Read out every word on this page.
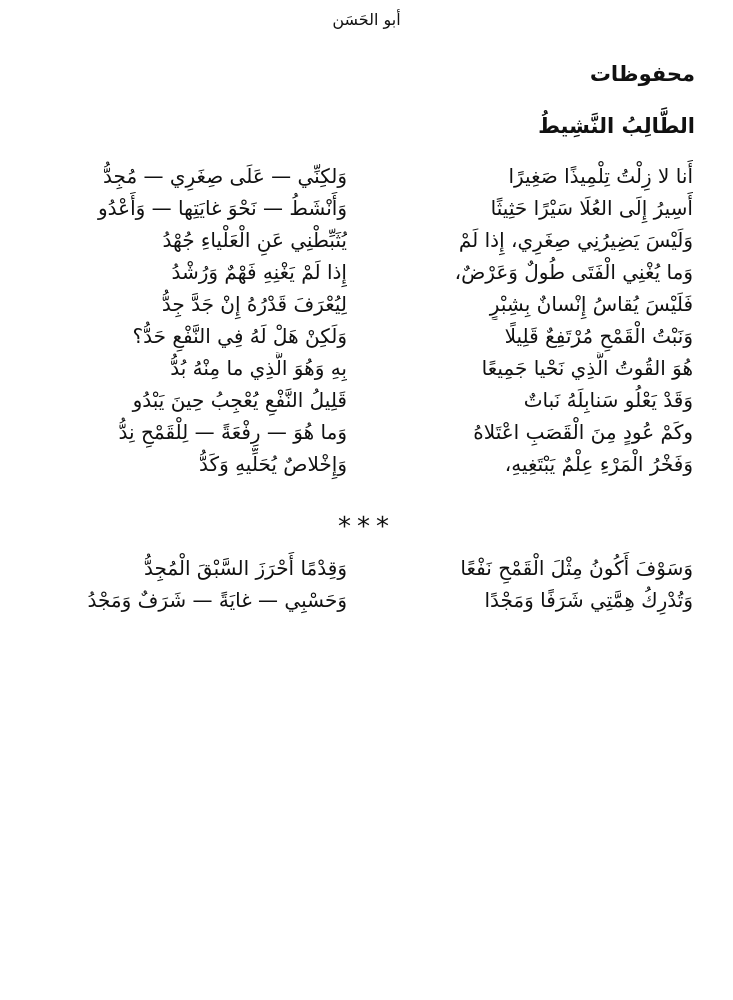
أبو الحَسَن
محفوظات
الطَّالِبُ النَّشِيطُ
أَنا لا زِلْتُ تِلْمِيذًا صَغِيرًا
وَلكِنِّي — عَلَى صِغَرِي — مُجِدُّ
أَسِيرُ إِلَى العُلَا سَيْرًا حَثِيثًا
وَأَنْشَطُ — نَحْوَ غايَتِها — وَأَعْدُو
وَلَيْسَ يَضِيرُنِي صِغَرِي، إِذا لَمْ
يُثَبِّطْنِي عَنِ الْعَلْياءِ جُهْدُ
وَما يُغْنِي الْفَتَى طُولٌ وَعَرْضٌ،
إِذا لَمْ يَغْنِهِ فَهْمٌ وَرُشْدُ
فَلَيْسَ يُقاسُ إِنْسانٌ بِشِبْرٍ
لِيُعْرَفَ قَدْرُهُ إِنْ جَدَّ جِدُّ
وَنَبْتُ الْقَمْحِ مُرْتَفِعٌ قَلِيلًا
وَلَكِنْ هَلْ لَهُ فِي النَّفْعِ حَدُّ؟
هُوَ القُوتُ الَّذِي نَحْيا جَمِيعًا
بِهِ وَهُوَ الَّذِي ما مِنْهُ بُدُّ
وَقَدْ يَعْلُو سَنابِلَهُ نَباتٌ
قَلِيلُ النَّفْعِ يُعْجِبُ حِينَ يَبْدُو
وكَمْ عُودٍ مِنَ الْقَصَبِ اعْتَلاهُ
وَما هُوَ — رِفْعَةً — لِلْقَمْحِ نِدُّ
وَفَخْرُ الْمَرْءِ عِلْمٌ يَبْتَغِيهِ،
وَإِخْلاصٌ يُحَلِّيهِ وَكَدُّ
***
وَسَوْفَ أَكُونُ مِثْلَ الْقَمْحِ نَفْعًا
وَقِدْمًا أَحْرَزَ السَّبْقَ الْمُجِدُّ
وَتُدْرِكُ هِمَّتِي شَرَفًا وَمَجْدًا
وَحَسْبِي — غايَةً — شَرَفٌ وَمَجْدُ
